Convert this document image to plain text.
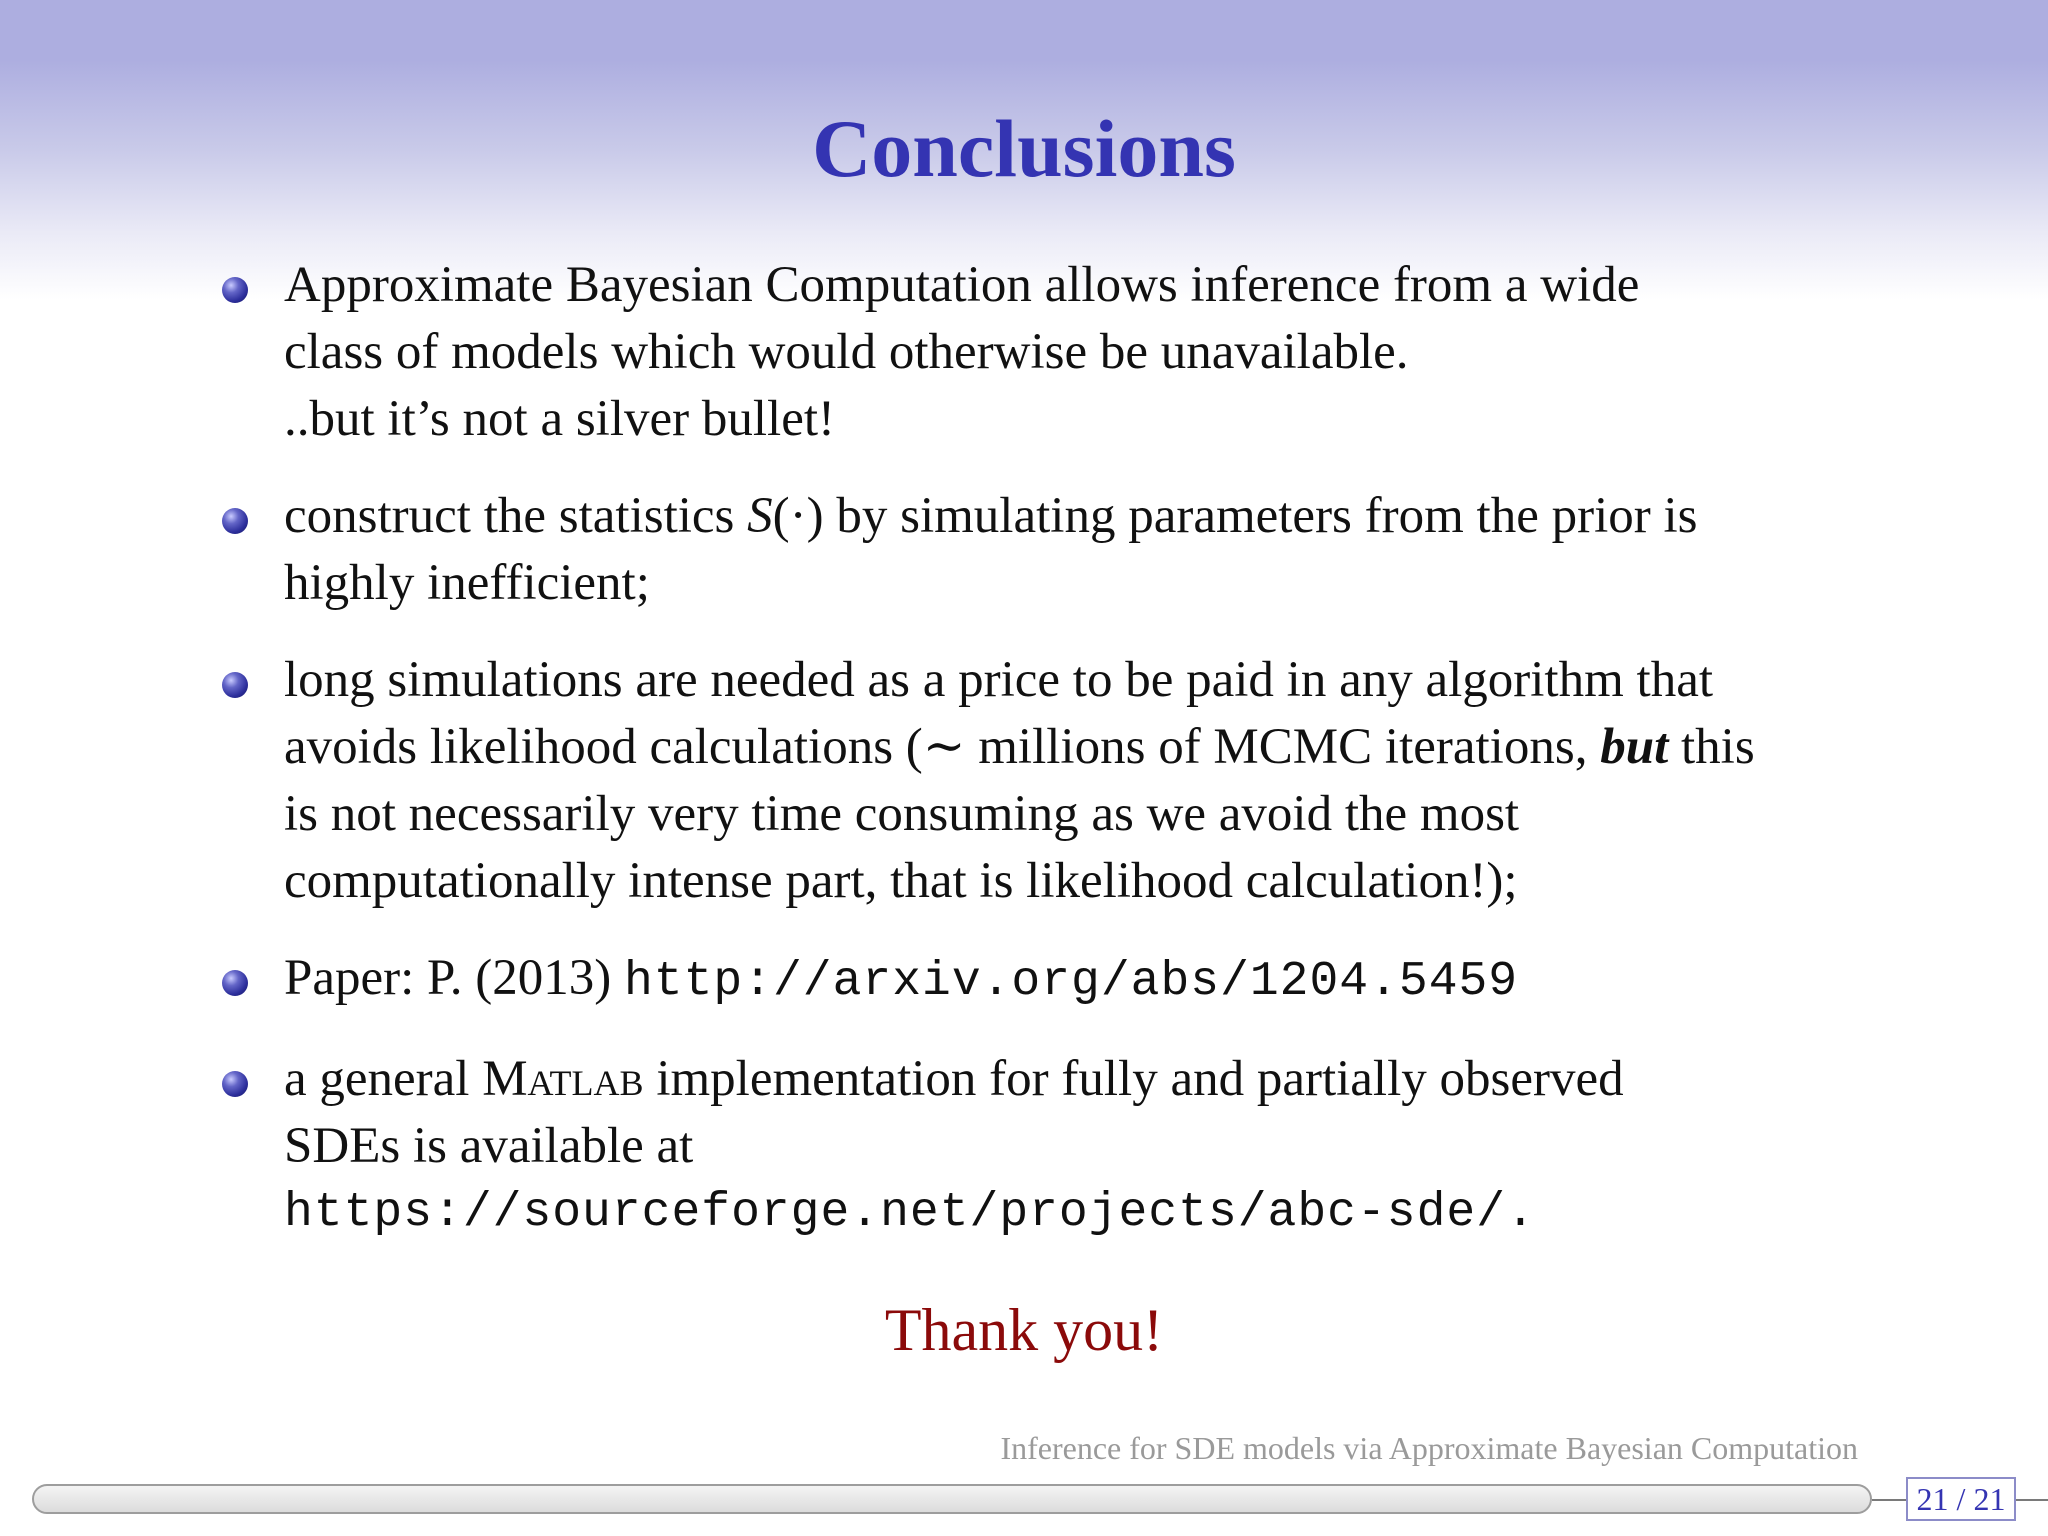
Conclusions
Approximate Bayesian Computation allows inference from a wide
class of models which would otherwise be unavailable.
..but it’s not a silver bullet!
construct the statistics S(·) by simulating parameters from the prior is
highly inefficient;
long simulations are needed as a price to be paid in any algorithm that
avoids likelihood calculations (∼ millions of MCMC iterations, but this
is not necessarily very time consuming as we avoid the most
computationally intense part, that is likelihood calculation!);
Paper: P. (2013) http://arxiv.org/abs/1204.5459
a general Matlab implementation for fully and partially observed
SDEs is available at
https://sourceforge.net/projects/abc-sde/.
Thank you!
Inference for SDE models via Approximate Bayesian Computation
21 / 21
